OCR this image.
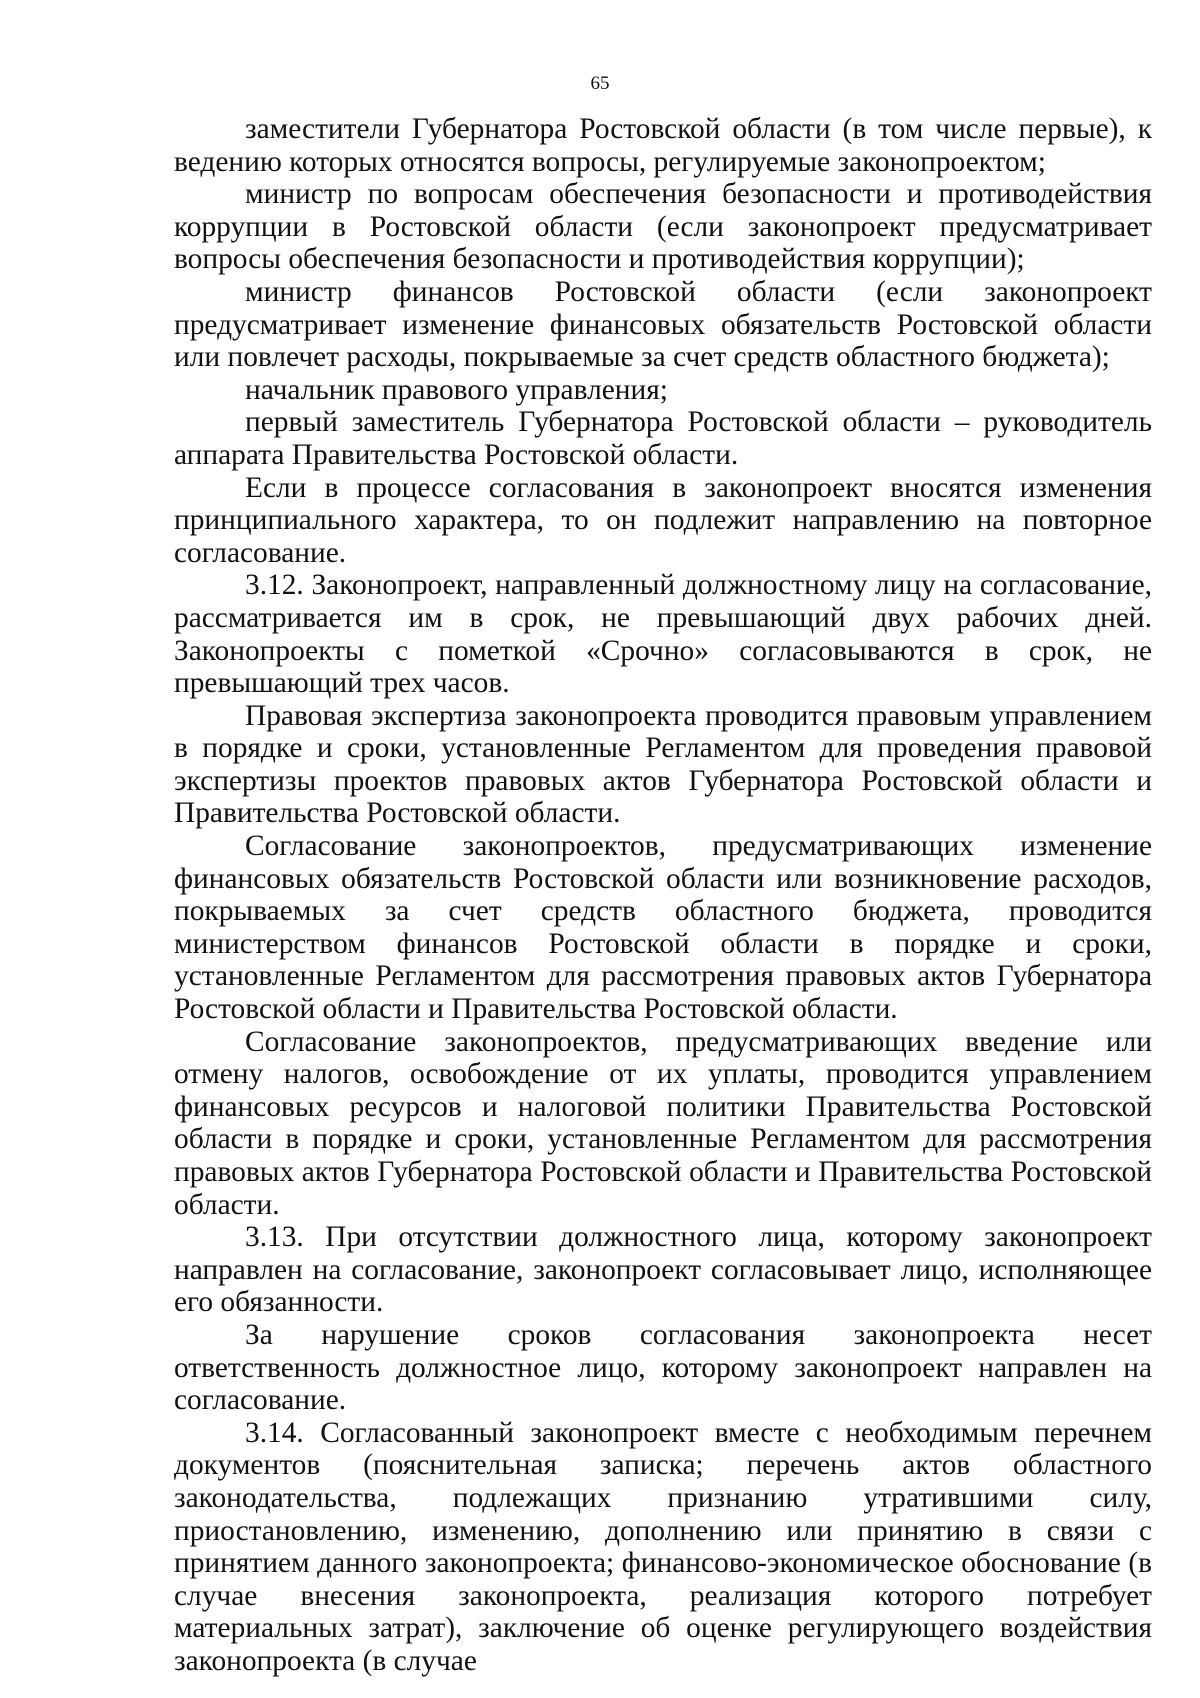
65

заместители Губернатора Ростовской области (в том числе первые), к ведению которых относятся вопросы, регулируемые законопроектом;

министр по вопросам обеспечения безопасности и противодействия коррупции в Ростовской области (если законопроект предусматривает вопросы обеспечения безопасности и противодействия коррупции);

министр финансов Ростовской области (если законопроект предусматривает изменение финансовых обязательств Ростовской области или повлечет расходы, покрываемые за счет средств областного бюджета);

начальник правового управления;

первый заместитель Губернатора Ростовской области – руководитель аппарата Правительства Ростовской области.

Если в процессе согласования в законопроект вносятся изменения принципиального характера, то он подлежит направлению на повторное согласование.

3.12. Законопроект, направленный должностному лицу на согласование, рассматривается им в срок, не превышающий двух рабочих дней. Законопроекты с пометкой «Срочно» согласовываются в срок, не превышающий трех часов.

Правовая экспертиза законопроекта проводится правовым управлением в порядке и сроки, установленные Регламентом для проведения правовой экспертизы проектов правовых актов Губернатора Ростовской области и Правительства Ростовской области.

Согласование законопроектов, предусматривающих изменение финансовых обязательств Ростовской области или возникновение расходов, покрываемых за счет средств областного бюджета, проводится министерством финансов Ростовской области в порядке и сроки, установленные Регламентом для рассмотрения правовых актов Губернатора Ростовской области и Правительства Ростовской области.

Согласование законопроектов, предусматривающих введение или отмену налогов, освобождение от их уплаты, проводится управлением финансовых ресурсов и налоговой политики Правительства Ростовской области в порядке и сроки, установленные Регламентом для рассмотрения правовых актов Губернатора Ростовской области и Правительства Ростовской области.

3.13. При отсутствии должностного лица, которому законопроект направлен на согласование, законопроект согласовывает лицо, исполняющее его обязанности.

За нарушение сроков согласования законопроекта несет ответственность должностное лицо, которому законопроект направлен на согласование.

3.14. Согласованный законопроект вместе с необходимым перечнем документов (пояснительная записка; перечень актов областного законодательства, подлежащих признанию утратившими силу, приостановлению, изменению, дополнению или принятию в связи с принятием данного законопроекта; финансово-экономическое обоснование (в случае внесения законопроекта, реализация которого потребует материальных затрат), заключение об оценке регулирующего воздействия законопроекта (в случае
